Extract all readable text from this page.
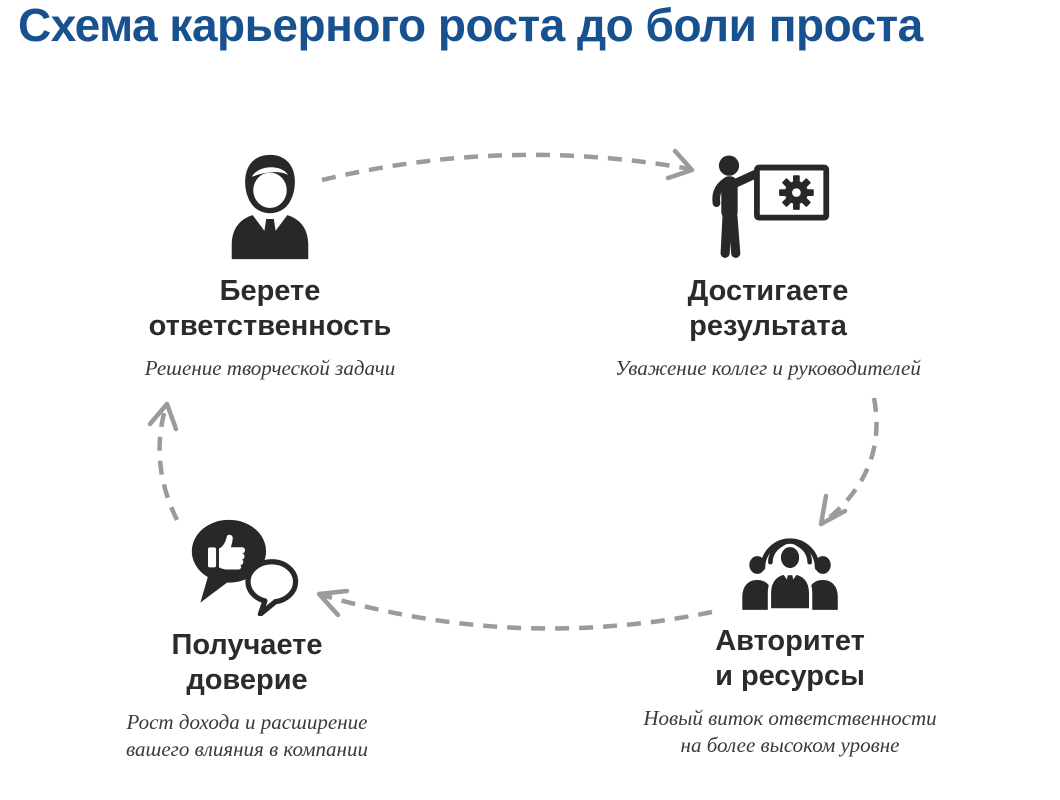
Схема карьерного роста до боли проста
Берете
ответственность
Решение творческой задачи
Достигаете
результата
Уважение коллег и руководителей
Авторитет
и ресурсы
Новый виток ответственности
на более высоком уровне
Получаете
доверие
Рост дохода и расширение
вашего влияния в компании
